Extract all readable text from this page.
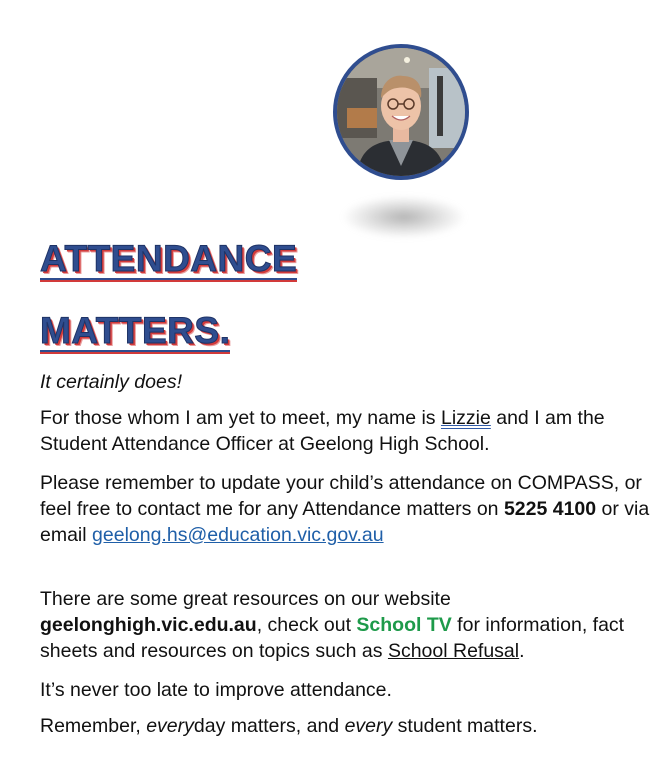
ATTENDANCE
MATTERS.

It certainly does!

For those whom I am yet to meet, my name is Lizzie and I am the Student Attendance Officer at Geelong High School.

Please remember to update your child’s attendance on COMPASS, or feel free to contact me for any Attendance matters on 5225 4100 or via email geelong.hs@education.vic.gov.au

There are some great resources on our website geelonghigh.vic.edu.au, check out School TV for information, fact sheets and resources on topics such as School Refusal.

It’s never too late to improve attendance.

Remember, everyday matters, and every student matters.
